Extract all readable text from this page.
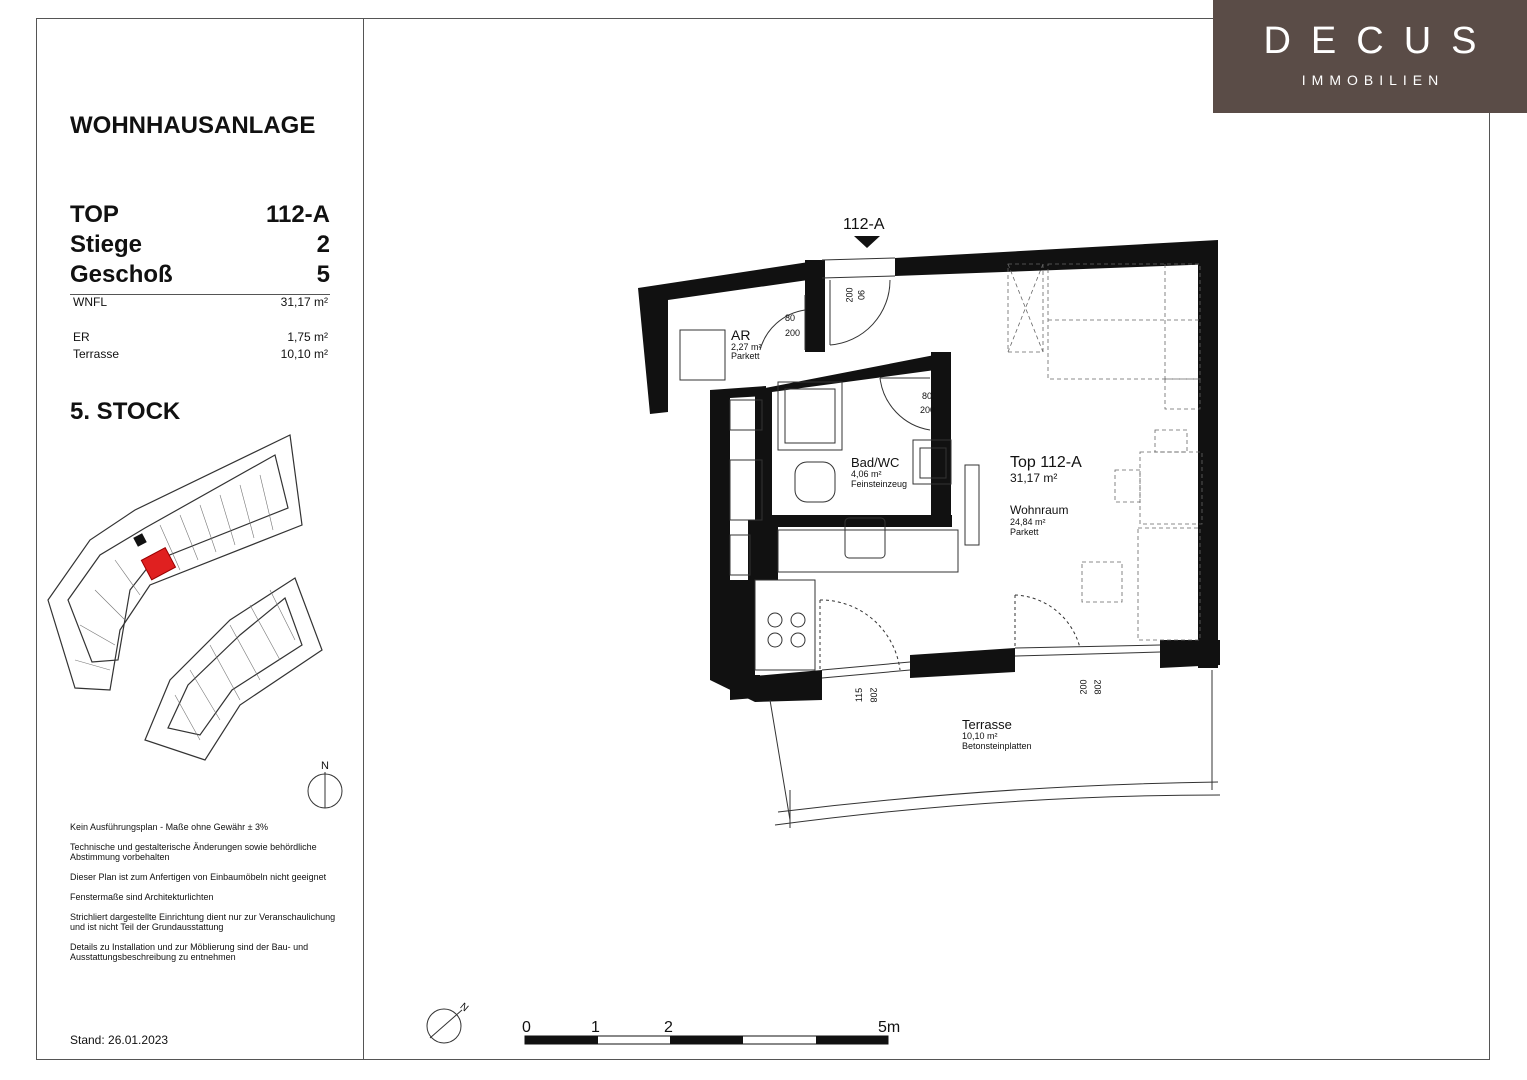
DECUS
IMMOBILIEN
WOHNHAUSANLAGE
TOP	112-A
Stiege	2
Geschoß	5
WNFL	31,17 m²
ER	1,75 m²
Terrasse	10,10 m²
5. STOCK
N
Kein Ausführungsplan - Maße ohne Gewähr ± 3%
Technische und gestalterische Änderungen sowie behördliche Abstimmung vorbehalten
Dieser Plan ist zum Anfertigen von Einbaumöbeln nicht geeignet
Fenstermaße sind Architekturlichten
Strichliert dargestellte Einrichtung dient nur zur Veranschaulichung und ist nicht Teil der Grundausstattung
Details zu Installation und zur Möblierung sind der Bau- und Ausstattungsbeschreibung zu entnehmen
Stand: 26.01.2023
112-A
90
200
AR
2,27 m²
Parkett
80
200
80
200
Bad/WC
4,06 m²
Feinsteinzeug
Top 112-A
31,17 m²
Wohnraum
24,84 m²
Parkett
208
115
208
200
Terrasse
10,10 m²
Betonsteinplatten
N
0	1	2	5m
